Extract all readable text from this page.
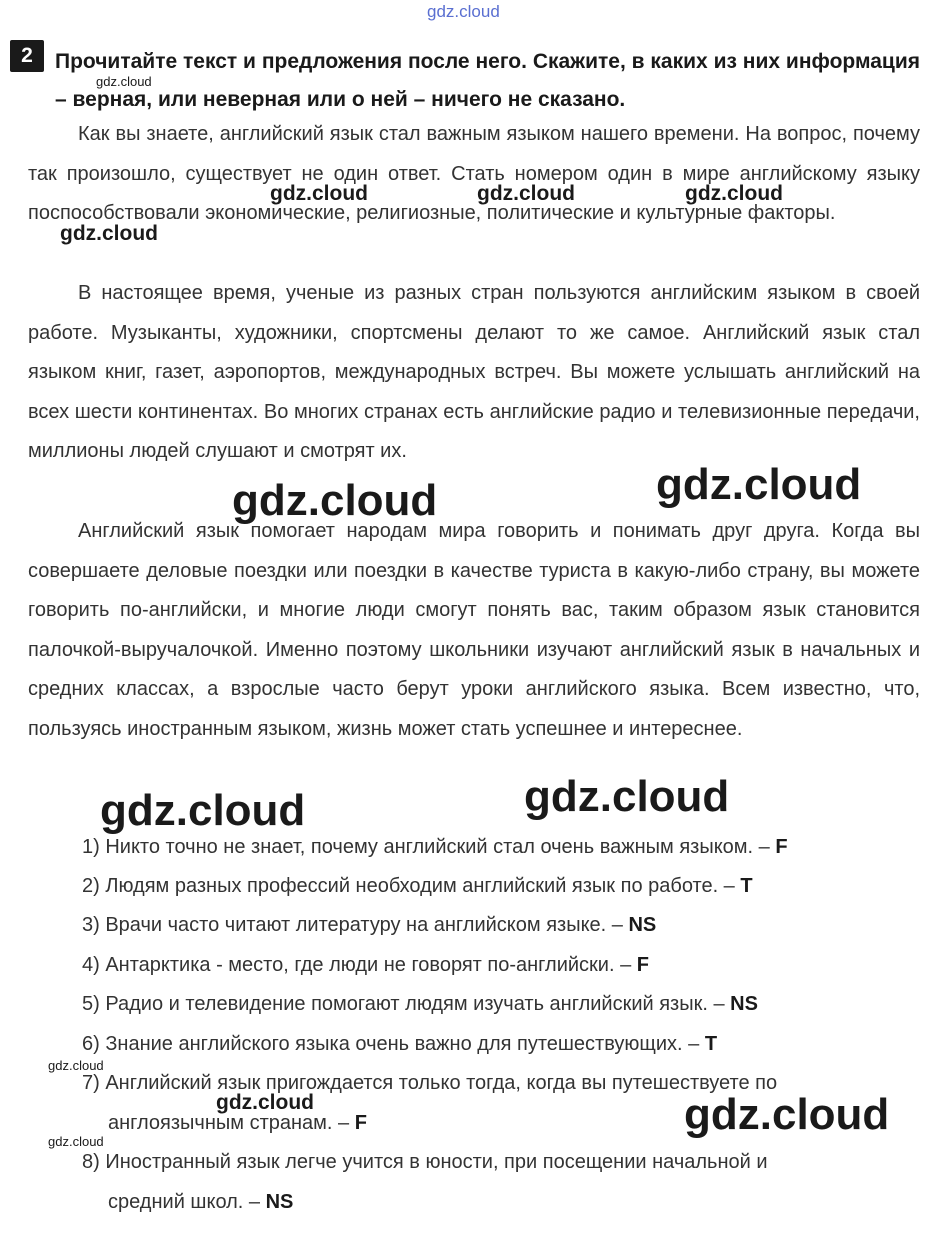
gdz.cloud
gdz.cloud
gdz.cloud	gdz.cloud	gdz.cloud
gdz.cloud
gdz.cloud	gdz.cloud
gdz.cloud	gdz.cloud
gdz.cloud
gdz.cloud	gdz.cloud
gdz.cloud
2	Прочитайте текст и предложения после него. Скажите, в каких из них информация – верная, или неверная или о ней – ничего не сказано.

Как вы знаете, английский язык стал важным языком нашего времени. На вопрос, почему так произошло, существует не один ответ. Стать номером один в мире английскому языку поспособствовали экономические, религиозные, политические и культурные факторы.

В настоящее время, ученые из разных стран пользуются английским языком в своей работе. Музыканты, художники, спортсмены делают то же самое. Английский язык стал языком книг, газет, аэропортов, международных встреч. Вы можете услышать английский на всех шести континентах. Во многих странах есть английские радио и телевизионные передачи, миллионы людей слушают и смотрят их.

Английский язык помогает народам мира говорить и понимать друг друга. Когда вы совершаете деловые поездки или поездки в качестве туриста в какую-либо страну, вы можете говорить по-английски, и многие люди смогут понять вас, таким образом язык становится палочкой-выручалочкой. Именно поэтому школьники изучают английский язык в начальных и средних классах, а взрослые часто берут уроки английского языка. Всем известно, что, пользуясь иностранным языком, жизнь может стать успешнее и интереснее.

1) Никто точно не знает, почему английский стал очень важным языком. – F

2) Людям разных профессий необходим английский язык по работе. – T

3) Врачи часто читают литературу на английском языке. – NS

4) Антарктика - место, где люди не говорят по-английски. – F

5) Радио и телевидение помогают людям изучать английский язык. – NS

6) Знание английского языка очень важно для путешествующих. – T

7) Английский язык пригождается только тогда, когда вы путешествуете по
англоязычным странам. – F

8) Иностранный язык легче учится в юности, при посещении начальной и
средний школ. – NS
